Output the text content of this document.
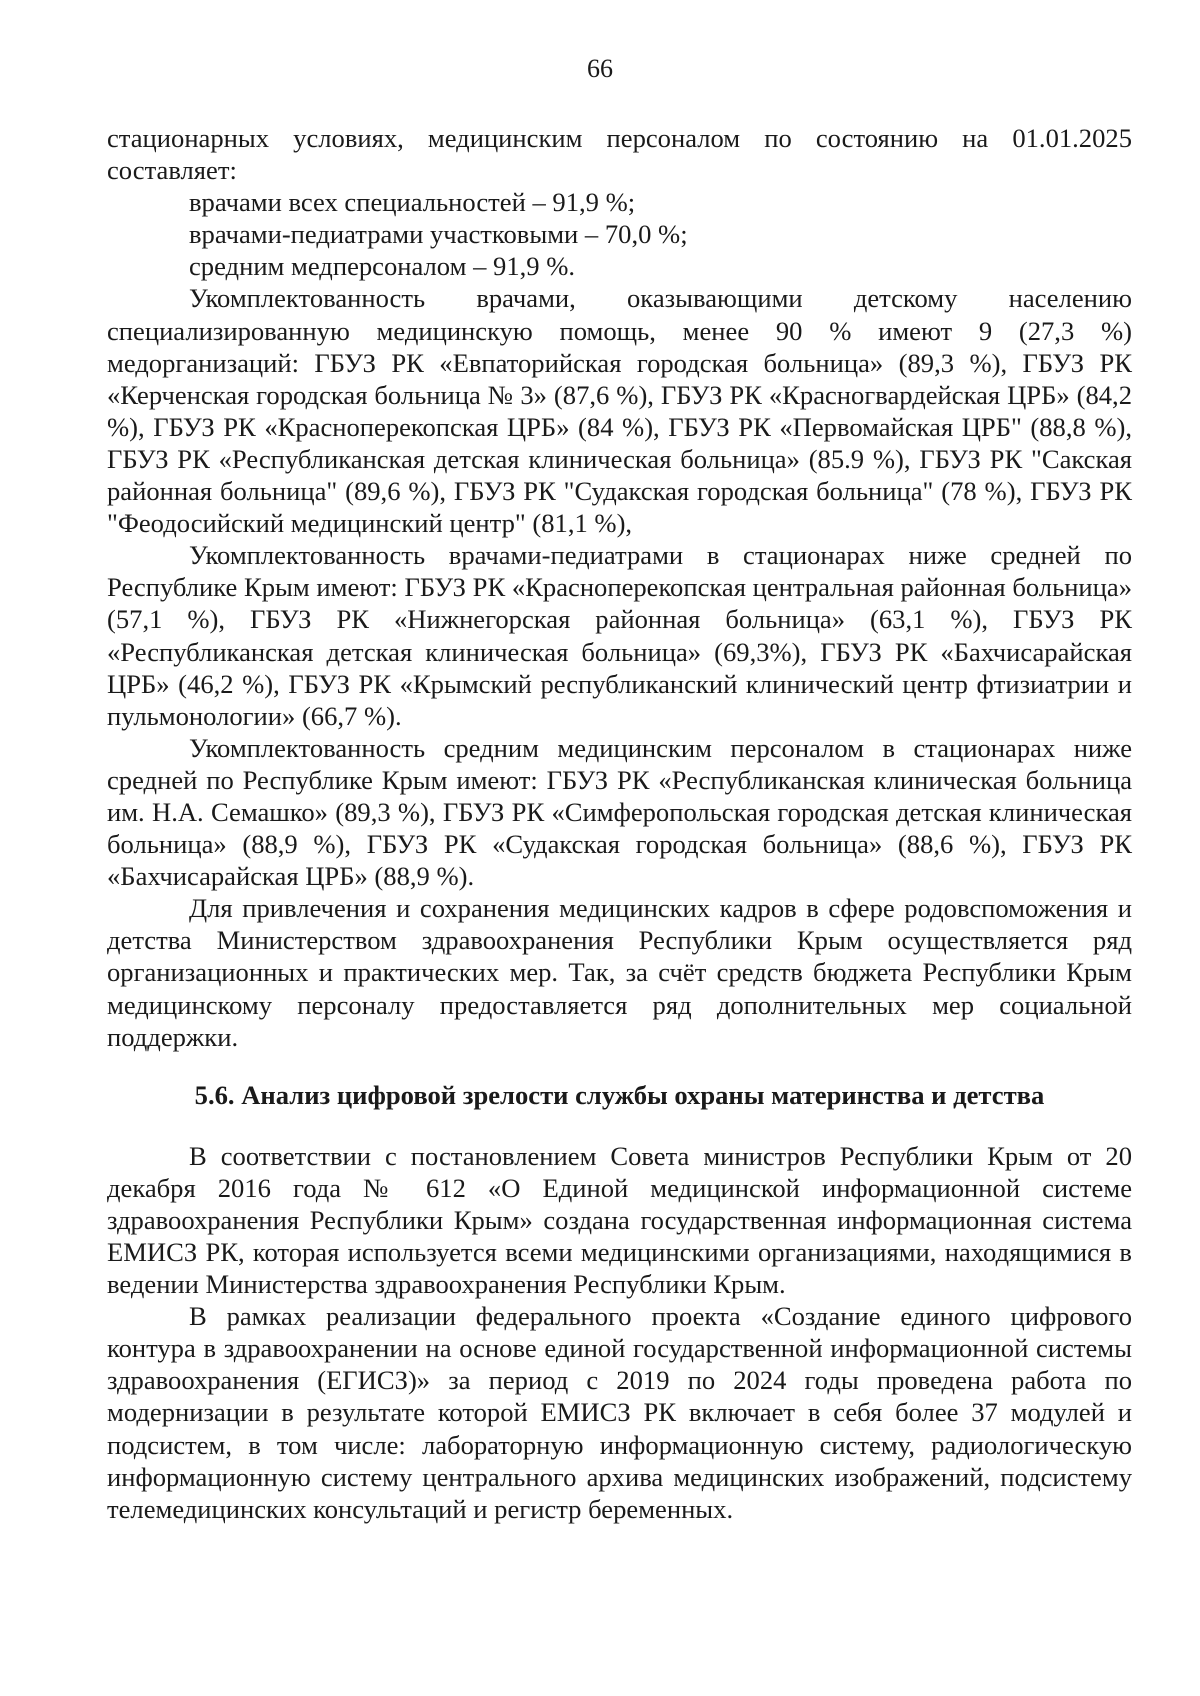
66

стационарных условиях, медицинским персоналом по состоянию на 01.01.2025 составляет:

врачами всех специальностей – 91,9 %;

врачами-педиатрами участковыми – 70,0 %;

средним медперсоналом – 91,9 %.

Укомплектованность врачами, оказывающими детскому населению специализированную медицинскую помощь, менее 90 % имеют 9 (27,3 %) медорганизаций: ГБУЗ РК «Евпаторийская городская больница» (89,3 %), ГБУЗ РК «Керченская городская больница № 3» (87,6 %), ГБУЗ РК «Красногвардейская ЦРБ» (84,2 %), ГБУЗ РК «Красноперекопская ЦРБ» (84 %), ГБУЗ РК «Первомайская ЦРБ" (88,8 %), ГБУЗ РК «Республиканская детская клиническая больница» (85.9 %), ГБУЗ РК "Сакская районная больница" (89,6 %), ГБУЗ РК "Судакская городская больница" (78 %), ГБУЗ РК "Феодосийский медицинский центр" (81,1 %),

Укомплектованность врачами-педиатрами в стационарах ниже средней по Республике Крым имеют: ГБУЗ РК «Красноперекопская центральная районная больница» (57,1 %), ГБУЗ РК «Нижнегорская районная больница» (63,1 %), ГБУЗ РК «Республиканская детская клиническая больница» (69,3%), ГБУЗ РК «Бахчисарайская ЦРБ» (46,2 %), ГБУЗ РК «Крымский республиканский клинический центр фтизиатрии и пульмонологии» (66,7 %).

Укомплектованность средним медицинским персоналом в стационарах ниже средней по Республике Крым имеют: ГБУЗ РК «Республиканская клиническая больница им. Н.А. Семашко» (89,3 %), ГБУЗ РК «Симферопольская городская детская клиническая больница» (88,9 %), ГБУЗ РК «Судакская городская больница» (88,6 %), ГБУЗ РК «Бахчисарайская ЦРБ» (88,9 %).

Для привлечения и сохранения медицинских кадров в сфере родовспоможения и детства Министерством здравоохранения Республики Крым осуществляется ряд организационных и практических мер. Так, за счёт средств бюджета Республики Крым медицинскому персоналу предоставляется ряд дополнительных мер социальной поддержки.

5.6. Анализ цифровой зрелости службы охраны материнства и детства

В соответствии с постановлением Совета министров Республики Крым от 20 декабря 2016 года № 612 «О Единой медицинской информационной системе здравоохранения Республики Крым» создана государственная информационная система ЕМИСЗ РК, которая используется всеми медицинскими организациями, находящимися в ведении Министерства здравоохранения Республики Крым.

В рамках реализации федерального проекта «Создание единого цифрового контура в здравоохранении на основе единой государственной информационной системы здравоохранения (ЕГИСЗ)» за период с 2019 по 2024 годы проведена работа по модернизации в результате которой ЕМИСЗ РК включает в себя более 37 модулей и подсистем, в том числе: лабораторную информационную систему, радиологическую информационную систему центрального архива медицинских изображений, подсистему телемедицинских консультаций и регистр беременных.
